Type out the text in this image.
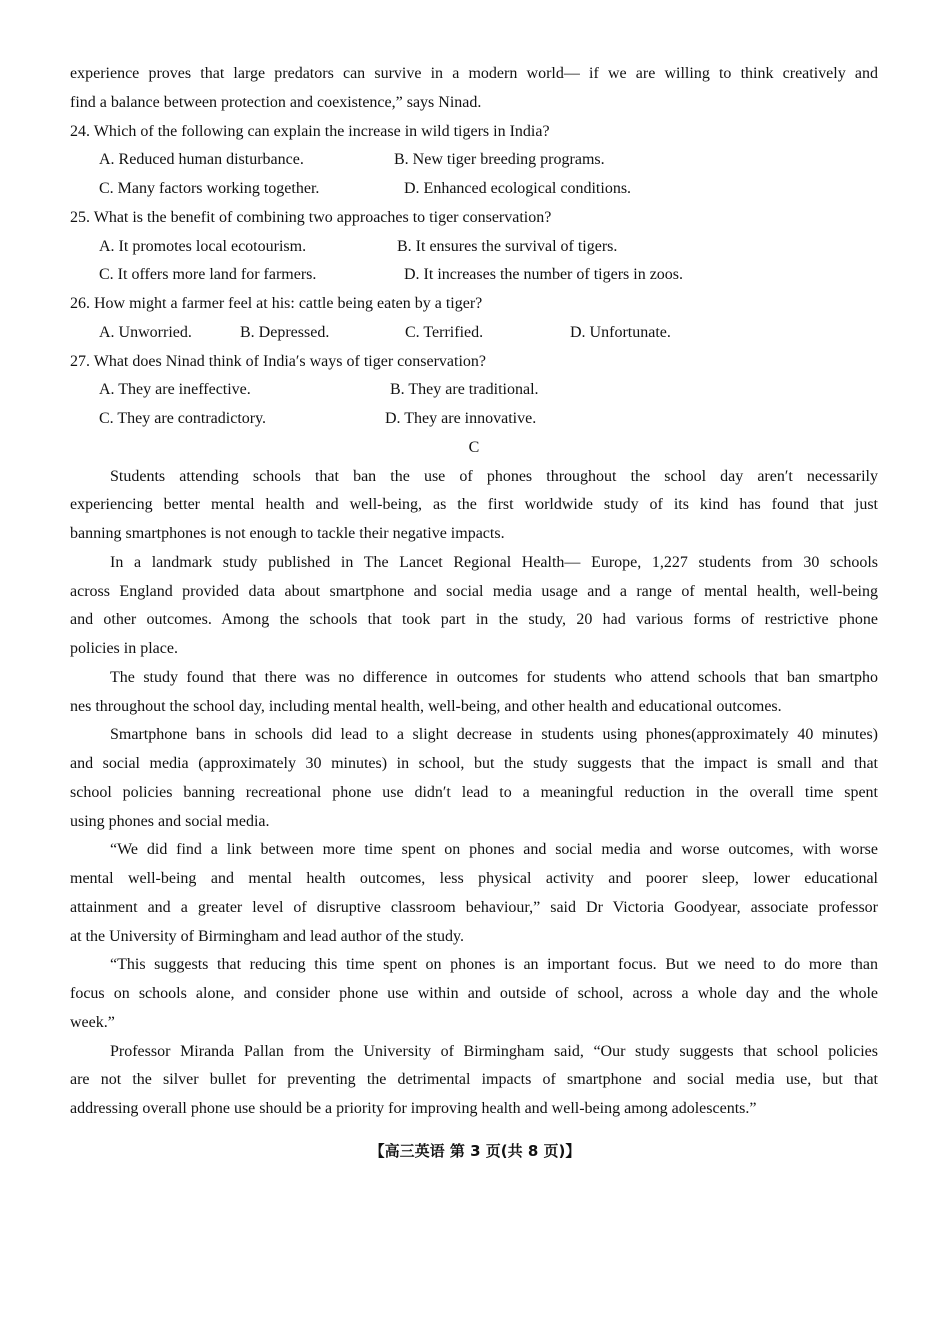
experience proves that large predators can survive in a modern world— if we are willing to think creatively and
find a balance between protection and coexistence,” says Ninad.
24. Which of the following can explain the increase in wild tigers in India?
A. Reduced human disturbance.	B. New tiger breeding programs.
C. Many factors working together.	D. Enhanced ecological conditions.
25. What is the benefit of combining two approaches to tiger conservation?
A. It promotes local ecotourism.	B. It ensures the survival of tigers.
C. It offers more land for farmers.	D. It increases the number of tigers in zoos.
26. How might a farmer feel at his: cattle being eaten by a tiger?
A. Unworried.	B. Depressed.	C. Terrified.	D. Unfortunate.
27. What does Ninad think of India′s ways of tiger conservation?
A. They are ineffective.	B. They are traditional.
C. They are contradictory.	D. They are innovative.
C
Students attending schools that ban the use of phones throughout the school day aren′t necessarily
experiencing better mental health and well-being, as the first worldwide study of its kind has found that just
banning smartphones is not enough to tackle their negative impacts.
In a landmark study published in The Lancet Regional Health— Europe, 1,227 students from 30 schools
across England provided data about smartphone and social media usage and a range of mental health, well-being
and other outcomes. Among the schools that took part in the study, 20 had various forms of restrictive phone
policies in place.
The study found that there was no difference in outcomes for students who attend schools that ban smartpho
nes throughout the school day, including mental health, well-being, and other health and educational outcomes.
Smartphone bans in schools did lead to a slight decrease in students using phones(approximately 40 minutes)
and social media (approximately 30 minutes) in school, but the study suggests that the impact is small and that
school policies banning recreational phone use didn′t lead to a meaningful reduction in the overall time spent
using phones and social media.
“We did find a link between more time spent on phones and social media and worse outcomes, with worse
mental well-being and mental health outcomes, less physical activity and poorer sleep, lower educational
attainment and a greater level of disruptive classroom behaviour,” said Dr Victoria Goodyear, associate professor
at the University of Birmingham and lead author of the study.
“This suggests that reducing this time spent on phones is an important focus. But we need to do more than
focus on schools alone, and consider phone use within and outside of school, across a whole day and the whole
week.”
Professor Miranda Pallan from the University of Birmingham said, “Our study suggests that school policies
are not the silver bullet for preventing the detrimental impacts of smartphone and social media use, but that
addressing overall phone use should be a priority for improving health and well-being among adolescents.”
【高三英语 第 3 页(共 8 页)】
